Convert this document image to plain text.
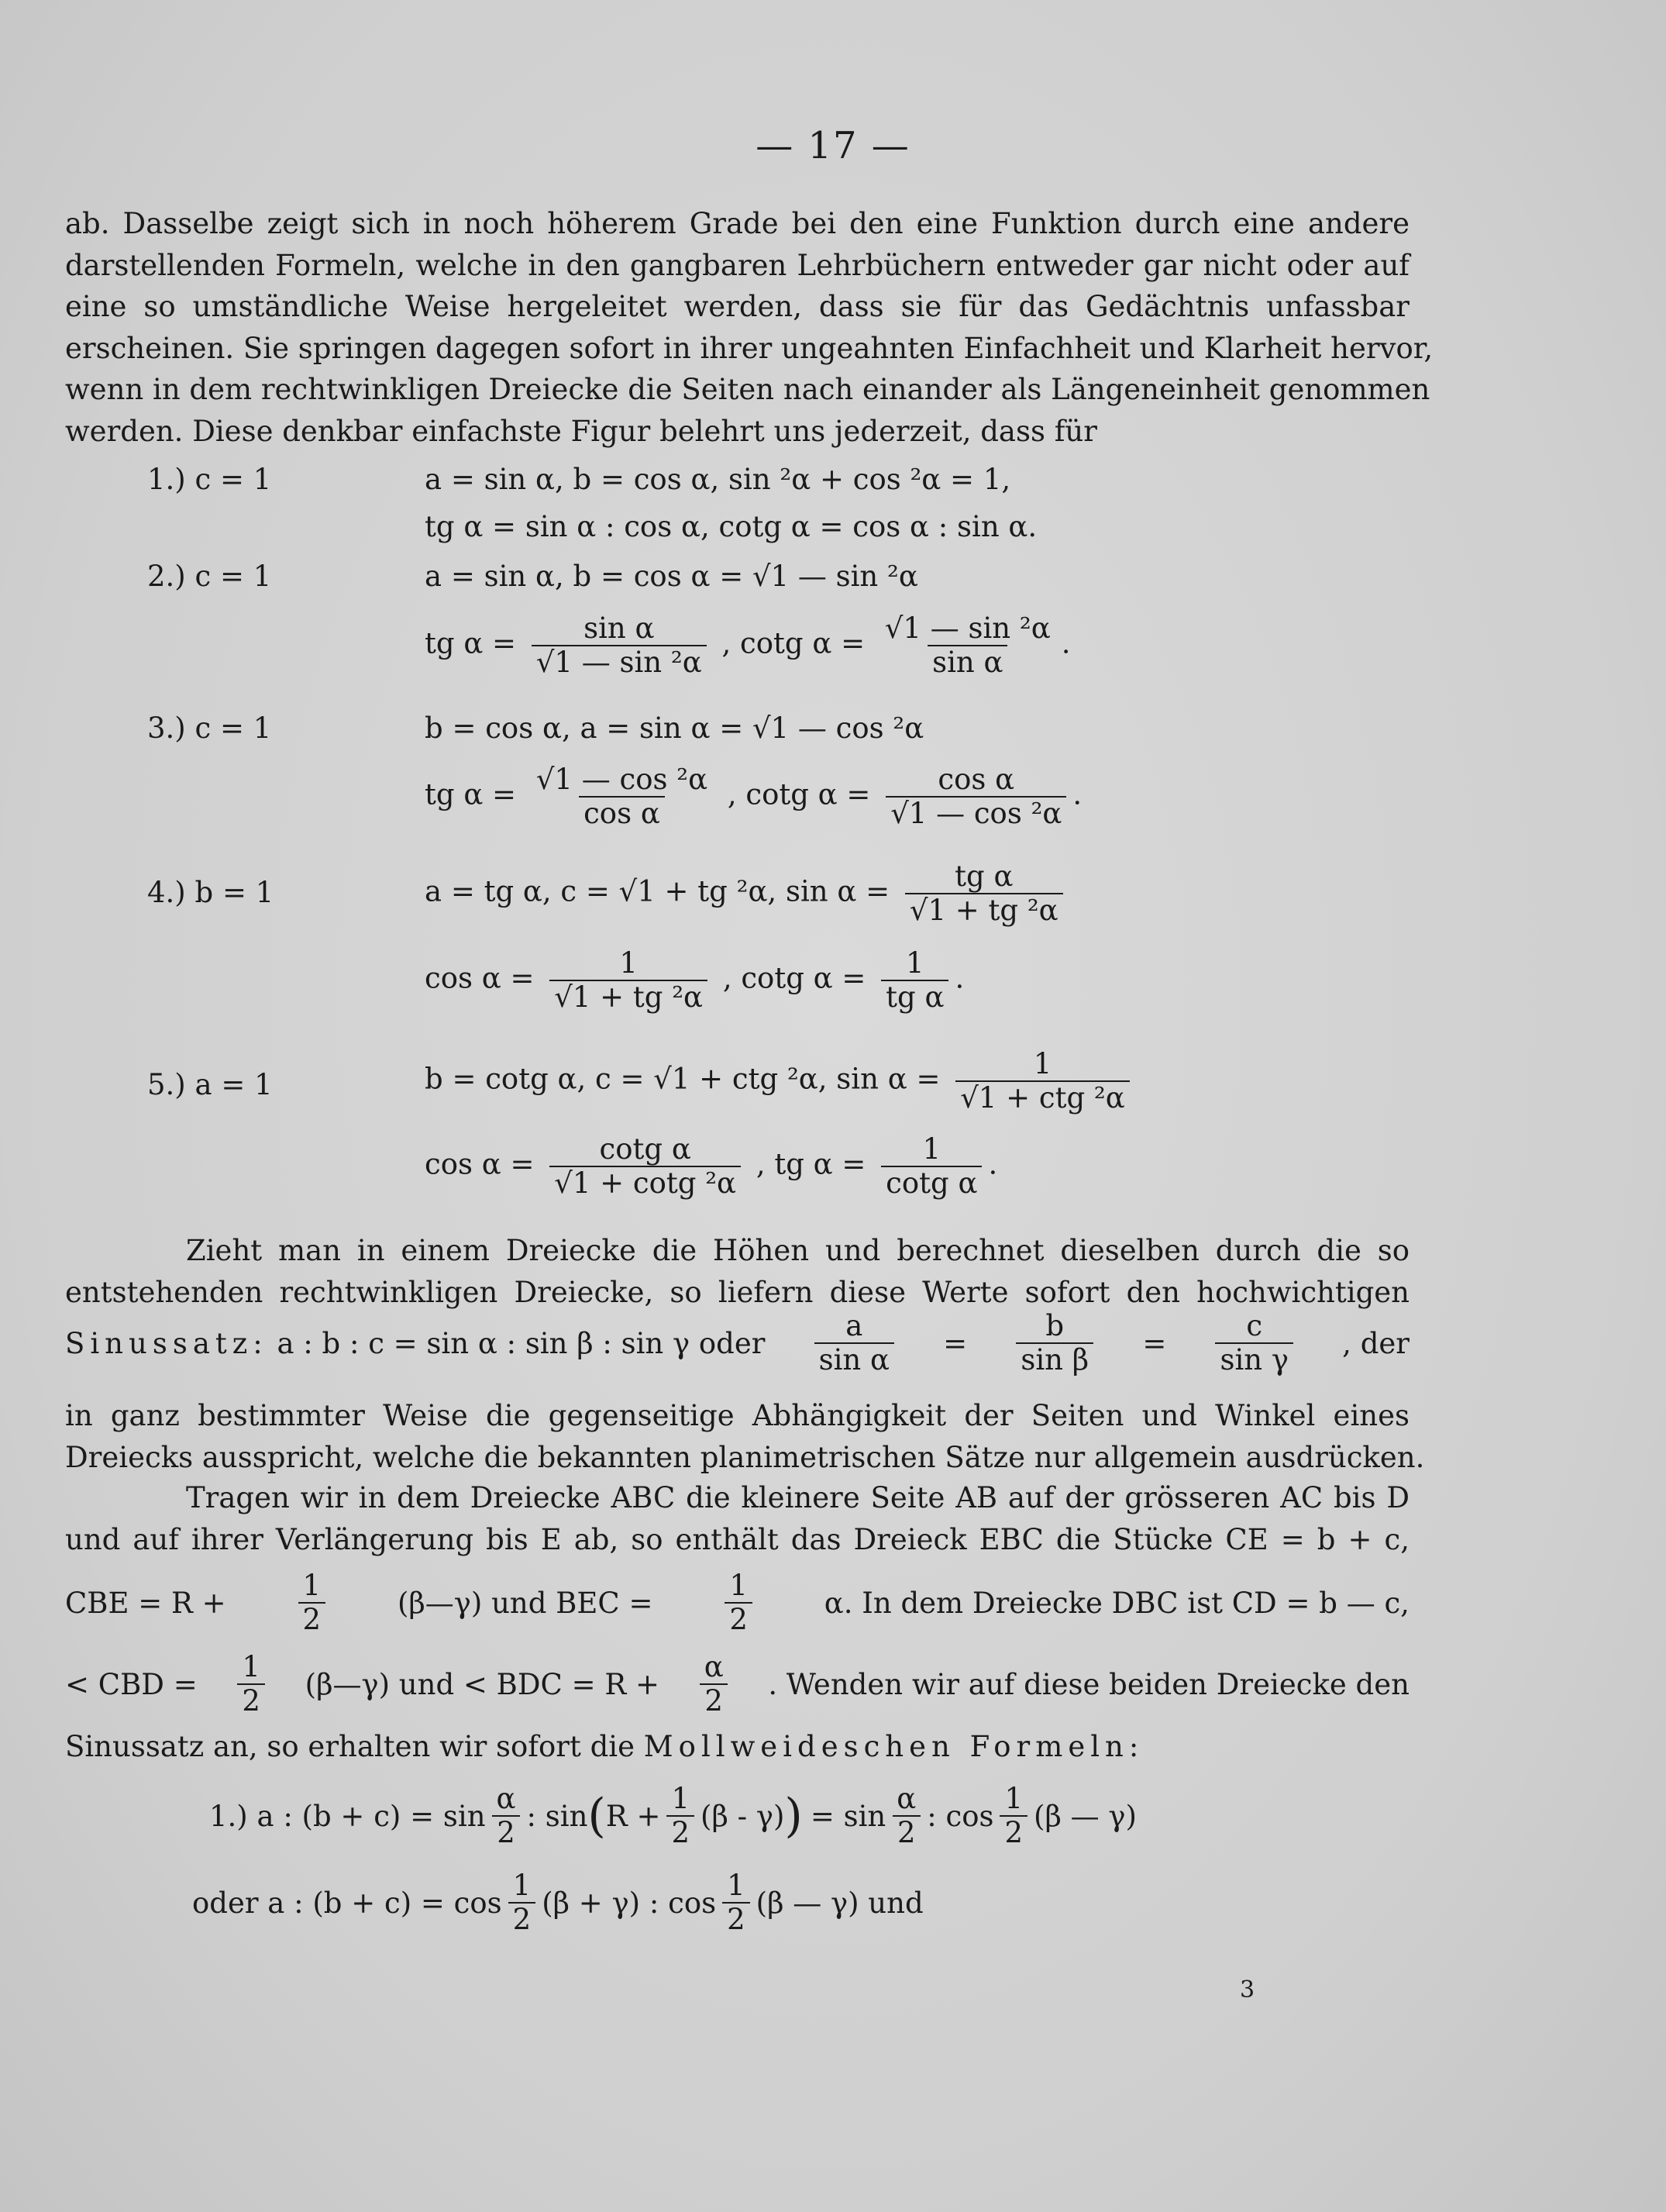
— 17 —
ab. Dasselbe zeigt sich in noch höherem Grade bei den eine Funktion durch eine andere
darstellenden Formeln, welche in den gangbaren Lehrbüchern entweder gar nicht oder auf
eine so umständliche Weise hergeleitet werden, dass sie für das Gedächtnis unfassbar
erscheinen. Sie springen dagegen sofort in ihrer ungeahnten Einfachheit und Klarheit hervor,
wenn in dem rechtwinkligen Dreiecke die Seiten nach einander als Längeneinheit genommen
werden. Diese denkbar einfachste Figur belehrt uns jederzeit, dass für
1.) c = 1	a = sin α, b = cos α, sin ²α + cos ²α = 1,
tg α = sin α : cos α, cotg α = cos α : sin α.
2.) c = 1	a = sin α, b = cos α = √1 — sin ²α
tg $\alpha = \frac{\text{sin α}}{\text{√1 — sin ²α}}$ , cotg $\alpha = \frac{\text{√1 — sin ²α}}{\text{sin α}}$ .
3.) c = 1	b = cos α, a = sin α = √1 — cos ²α
tg $\alpha = \frac{\text{√1 — cos ²α}}{\text{cos α}}$ , cotg $\alpha = \frac{\text{cos α}}{\text{√1 — cos ²α}}$ .
4.) b = 1	a = tg α, c = √1 + tg ²α, $\sin \alpha = \frac{\text{tg α}}{\text{√1 + tg ²α}}$
$\cos \alpha = \frac{1}{\text{√1 + tg ²α}}$ , cotg $\alpha = \frac{1}{\text{tg α}}$ .
5.) a = 1	b = cotg α, c = √1 + ctg ²α, $\sin \alpha = \frac{1}{\text{√1 + ctg ²α}}$
$\cos \alpha = \frac{\text{cotg α}}{\text{√1 + cotg ²α}}$ , tg $\alpha = \frac{1}{\text{cotg α}}$ .
Zieht man in einem Dreiecke die Höhen und berechnet dieselben durch die so
entstehenden rechtwinkligen Dreiecke, so liefern diese Werte sofort den hochwichtigen
Sinussatz: a : b : c = sin α : sin β : sin γ oder $\frac{a}{\text{sin α}} = \frac{b}{\text{sin β}} = \frac{c}{\text{sin γ}}$ , der
in ganz bestimmter Weise die gegenseitige Abhängigkeit der Seiten und Winkel eines
Dreiecks ausspricht, welche die bekannten planimetrischen Sätze nur allgemein ausdrücken.
Tragen wir in dem Dreiecke ABC die kleinere Seite AB auf der grösseren AC bis D
und auf ihrer Verlängerung bis E ab, so enthält das Dreieck EBC die Stücke CE = b + c,
CBE = R +	$\frac{1}{2}$	(β—γ) und BEC =	$\frac{1}{2}$	α. In dem Dreiecke DBC ist CD = b — c,
< CBD = $\frac{1}{2}$ (β—γ) und < BDC = $R + \frac{\alpha}{2}$ . Wenden wir auf diese beiden Dreiecke den
Sinussatz an, so erhalten wir sofort die Mollweideschen Formeln:
1.) a : $(b + c) = \sin \frac{\alpha}{2}$ : sin ( $R + \frac{1}{2} (\beta - \gamma)$ ) = $\sin \frac{\alpha}{2}$ : $\cos \frac{1}{2} (\beta$ — γ)
oder a : $(b + c) = \cos \frac{1}{2} (\beta + \gamma)$ : $\cos \frac{1}{2} (\beta$ — γ) und
3
